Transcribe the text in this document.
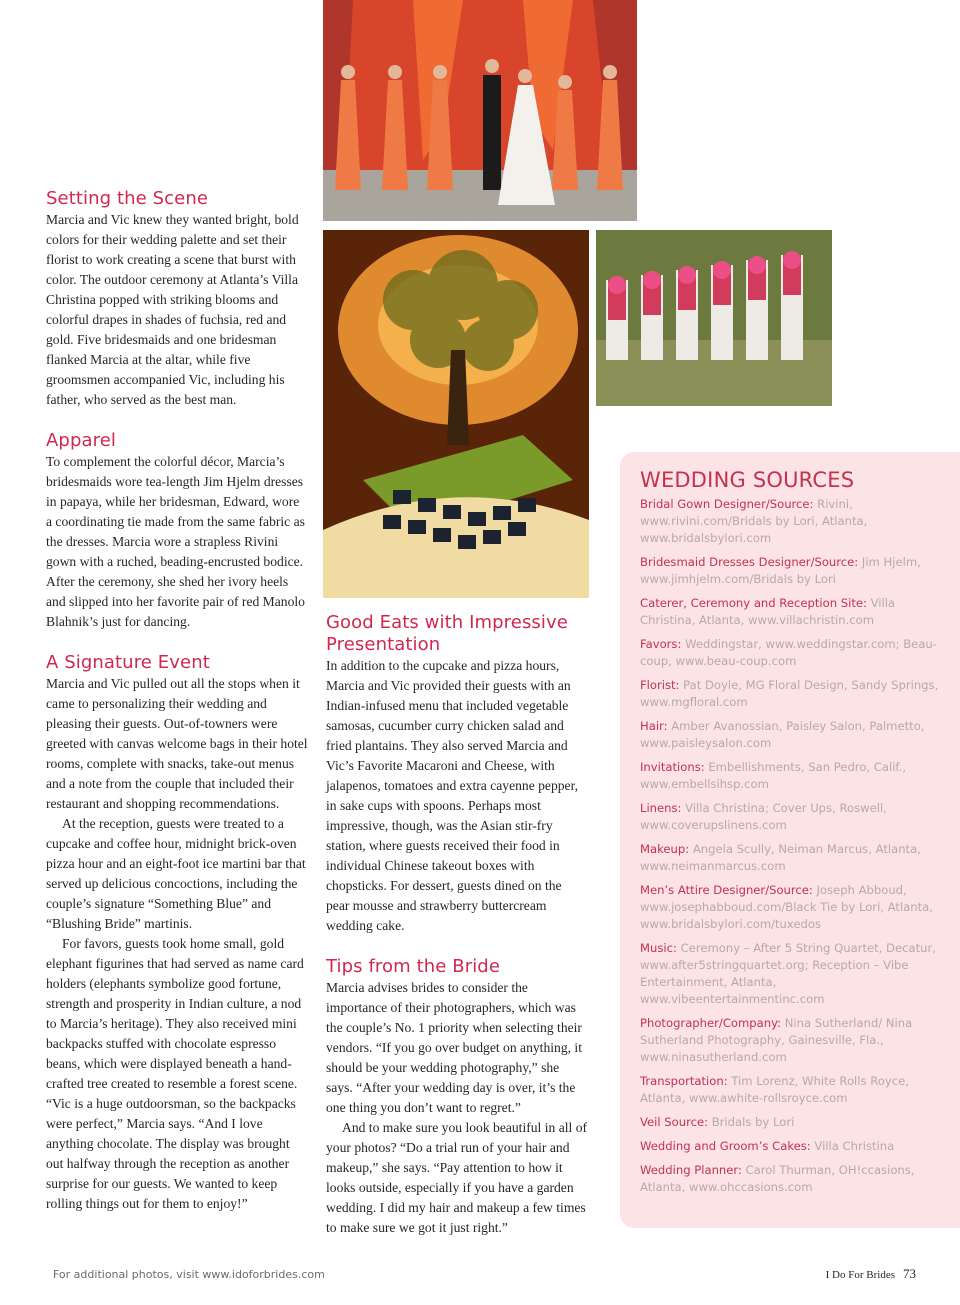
Setting the Scene

Marcia and Vic knew they wanted bright, bold colors for their wedding palette and set their florist to work creating a scene that burst with color. The outdoor ceremony at Atlanta’s Villa Christina popped with striking blooms and colorful drapes in shades of fuchsia, red and gold. Five bridesmaids and one bridesman flanked Marcia at the altar, while five groomsmen accompanied Vic, including his father, who served as the best man.

Apparel

To complement the colorful décor, Marcia’s bridesmaids wore tea-length Jim Hjelm dresses in papaya, while her bridesman, Edward, wore a coordinating tie made from the same fabric as the dresses. Marcia wore a strapless Rivini gown with a ruched, beading-encrusted bodice. After the ceremony, she shed her ivory heels and slipped into her favorite pair of red Manolo Blahnik’s just for dancing.

A Signature Event

Marcia and Vic pulled out all the stops when it came to personalizing their wedding and pleasing their guests. Out-of-towners were greeted with canvas welcome bags in their hotel rooms, complete with snacks, take-out menus and a note from the couple that included their restaurant and shopping recommendations.

At the reception, guests were treated to a cupcake and coffee hour, midnight brick-oven pizza hour and an eight-foot ice martini bar that served up delicious concoctions, including the couple’s signature “Something Blue” and “Blushing Bride” martinis.

For favors, guests took home small, gold elephant figurines that had served as name card holders (elephants symbolize good fortune, strength and prosperity in Indian culture, a nod to Marcia’s heritage). They also received mini backpacks stuffed with chocolate espresso beans, which were displayed beneath a hand-crafted tree created to resemble a forest scene. “Vic is a huge outdoorsman, so the backpacks were perfect,” Marcia says. “And I love anything chocolate. The display was brought out halfway through the reception as another surprise for our guests. We wanted to keep rolling things out for them to enjoy!”

Good Eats with Impressive Presentation

In addition to the cupcake and pizza hours, Marcia and Vic provided their guests with an Indian-infused menu that included vegetable samosas, cucumber curry chicken salad and fried plantains. They also served Marcia and Vic’s Favorite Macaroni and Cheese, with jalapenos, tomatoes and extra cayenne pepper, in sake cups with spoons. Perhaps most impressive, though, was the Asian stir-fry station, where guests received their food in individual Chinese takeout boxes with chopsticks. For dessert, guests dined on the pear mousse and strawberry buttercream wedding cake.

Tips from the Bride

Marcia advises brides to consider the importance of their photographers, which was the couple’s No. 1 priority when selecting their vendors. “If you go over budget on anything, it should be your wedding photography,” she says. “After your wedding day is over, it’s the one thing you don’t want to regret.”

And to make sure you look beautiful in all of your photos? “Do a trial run of your hair and makeup,” she says. “Pay attention to how it looks outside, especially if you have a garden wedding. I did my hair and makeup a few times to make sure we got it just right.”

WEDDING SOURCES
Bridal Gown Designer/Source: Rivini, www.rivini.com/Bridals by Lori, Atlanta, www.bridalsbylori.com
Bridesmaid Dresses Designer/Source: Jim Hjelm, www.jimhjelm.com/Bridals by Lori
Caterer, Ceremony and Reception Site: Villa Christina, Atlanta, www.villachristin.com
Favors: Weddingstar, www.weddingstar.com; Beau-coup, www.beau-coup.com
Florist: Pat Doyle, MG Floral Design, Sandy Springs, www.mgfloral.com
Hair: Amber Avanossian, Paisley Salon, Palmetto, www.paisleysalon.com
Invitations: Embellishments, San Pedro, Calif., www.embellsihsp.com
Linens: Villa Christina; Cover Ups, Roswell, www.coverupslinens.com
Makeup: Angela Scully, Neiman Marcus, Atlanta, www.neimanmarcus.com
Men’s Attire Designer/Source: Joseph Abboud, www.josephabboud.com/Black Tie by Lori, Atlanta, www.bridalsbylori.com/tuxedos
Music: Ceremony – After 5 String Quartet, Decatur, www.after5stringquartet.org; Reception – Vibe Entertainment, Atlanta, www.vibeentertainmentinc.com
Photographer/Company: Nina Sutherland/ Nina Sutherland Photography, Gainesville, Fla., www.ninasutherland.com
Transportation: Tim Lorenz, White Rolls Royce, Atlanta, www.awhite-rollsroyce.com
Veil Source: Bridals by Lori
Wedding and Groom’s Cakes: Villa Christina
Wedding Planner: Carol Thurman, OH!ccasions, Atlanta, www.ohccasions.com
For additional photos, visit www.idoforbrides.com	I Do For Brides 73
